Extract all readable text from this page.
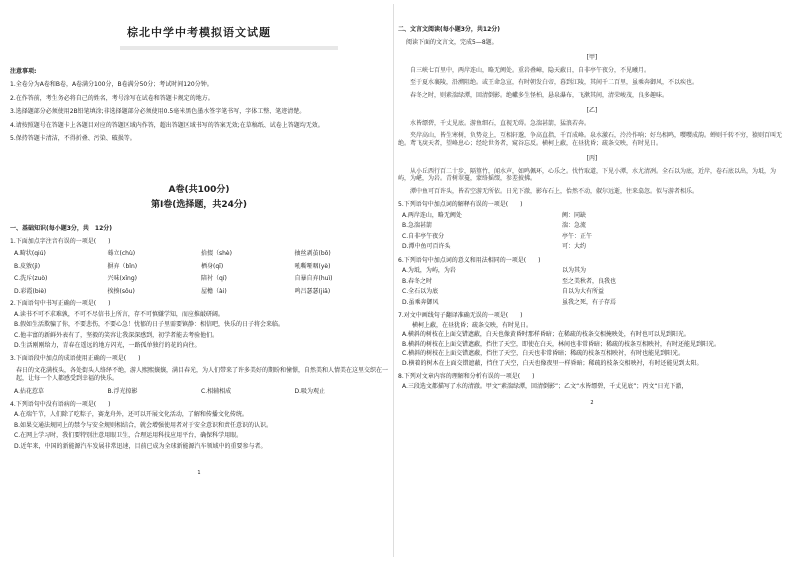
棕北中学中考模拟语文试题
注意事项:

1.全卷分为A卷和B卷，A卷满分100分，B卷满分50分；考试时间120分钟。

2.在作答前，考生务必将自己的姓名，考号涂写在试卷和答题卡规定的地方。

3.选择题部分必须使用2B铅笔填涂;非选择题部分必须使用0.5毫米黑色墨水签字笔书写，字体工整、笔迹清楚。

4.请按照题号在答题卡上各题目对应的答题区域内作答，超出答题区域书写的答案无效;在草稿纸、试卷上答题均无效。

5.保持答题卡清洁，不得折叠、污染、破损等。

A卷(共100分)
第Ⅰ卷(选择题，共24分)
一、基础知识(每小题3分，共　12分)

1.下面加点字注音有误的一项是(　　)

A.畸状(qiú)	蓦立(chù)	拾掇（shè)	抽丝剥茧(bō)
B.皮敫(jì)	摒弃（bǐn)	栖身(qī)	吼嘶哑咽(yè)
C.洗斥(zuò)	兴味(xīng)	陪衬（qí)	自暴自弃(huì)
D.彩霞(biè)	挨揍(sǒu)	屋檐（ài)	鸣吕瑟瑟(jiā)

2.下面语句中书写正确的一项是(　　)

A.读书不可不求难孰，不可不尽信书上所言，存不可慎嫌学知，而应推敲研阔。
B.假如生活欺骗了你，不要悲伤，不要心急！忧郁的日子里需要镇静：相信吧，快乐的日子将会来临。
C.他丰富的新鲜外表有了，坚毅的笑容让我深深感到，初学者能去考验他们。
D.生活刚刚给力，青春在遥远的地方闪光，一路孤单独行的花的向往。

3.下面语段中加点的成语使用正确的一项是(　　)

春日的文花满枝头，各处街头人络绎不绝，游人熙熙攘攘，满目春光，为人们带来了许多美好的期盼和憧憬，自然美和人情美在这里交织在一起，让每一个人都感受到幸福的快乐。
A.拈花惹草	B.浮光掠影	C.相辅相成	D.吸为观止

4.下列语句中没有语病的一项是(　　)

A.在端午节，人们除了吃粽子，赛龙舟外，还可以开展文化活动，了解和传播文化传统。
B.如果交通法规同上的禁令与安全规则相结合，就会增强使用者对于安全意识和责任意识的认识。
C.在网上学习时，我们要特别注意用眼卫生，合理运用科技应用平台，确保科学用眼。
D.近年来，中国的新能源汽车发展非常迅速，目前已成为全球新能源汽车领域中的重要参与者。
1
二、文言文阅读(每小题3分，共12分)
阅读下面的文言文，完成5—8题。
[甲]
自三峡七百里中，两岸连山，略无阙处。重岩叠嶂，隐天蔽日，自非亭午夜分，不见曦月。
至于夏水襄陵，沿溯阻绝。或王命急宣，有时朝发白帝，暮到江陵，其间千二百里，虽乘奔御风，不以疾也。
春冬之时，则素湍绿潭，回清倒影。绝巘多生怪柏，悬泉瀑布，飞漱其间，清荣峻茂，良多趣味。
[乙]
水皆缥碧，千丈见底。游鱼细石，直视无碍。急湍甚箭，猛浪若奔。
夹岸高山，皆生寒树，负势竞上，互相轩邈，争高直指，千百成峰。泉水激石，泠泠作响；好鸟相鸣，嘤嘤成韵。蝉则千转不穷，猿则百叫无绝。鸢飞戾天者，望峰息心；经纶世务者，窥谷忘反。横柯上蔽，在昼犹昏；疏条交映，有时见日。
[丙]
从小丘西行百二十步，隔篁竹，闻水声，如鸣佩环，心乐之。伐竹取道，下见小潭，水尤清冽。全石以为底，近岸，卷石底以出，为坻，为屿，为嵁，为岩。青树翠蔓，蒙络摇缀，参差披拂。
潭中鱼可百许头，皆若空游无所依。日光下澈，影布石上，佁然不动，俶尔远逝，往来翕忽。似与游者相乐。

5.下列语句中加点词的解释有误的一项是(　　)

A.两岸连山，略无阙处	阙：同缺
B.急湍甚箭	湍：急流
C.自非亭午夜分	亭午：正午
D.潭中鱼可百许头	可：大约

6.下列语句中加点词的意义和用法相同的一项是(　　)

A.为坻，为屿，为岩	以为其为
B.春冬之时	至之美秋者，良我也
C.全石以为底	自以为大有所益
D.虽乘奔御风	虽我之死，有子存焉

7.对文中画线句子翻译准确无误的一项是(　　)

横柯上蔽，在昼犹昏；疏条交映，有时见日。
A.横斜的树枝在上面交错遮蔽，白天也像黄昏时那样昏暗；在稀疏的枝条交相掩映处，有时也可以见到阳光。
B.横斜的树枝在上面交错遮蔽，挡住了天空，即使在白天，林间也非常昏暗；稀疏的枝条互相映衬，有时还能见到阳光。
C.横斜的树枝在上面交错遮蔽，挡住了天空，白天也非常昏暗；稀疏的枝条互相映衬，有时也能见到阳光。
D.横着的树木在上面交错遮蔽，挡住了天空，白天也像夜里一样昏暗；稀疏的枝条交相映衬，有时还能见到太阳。

8.下列对文章内容的理解和分析有误的一项是(　　)

A.三段选文都描写了水的清澈。甲文“素湍绿潭，回清倒影”；乙文“水皆缥碧，千丈见底”；丙文“日光下澈，
2
